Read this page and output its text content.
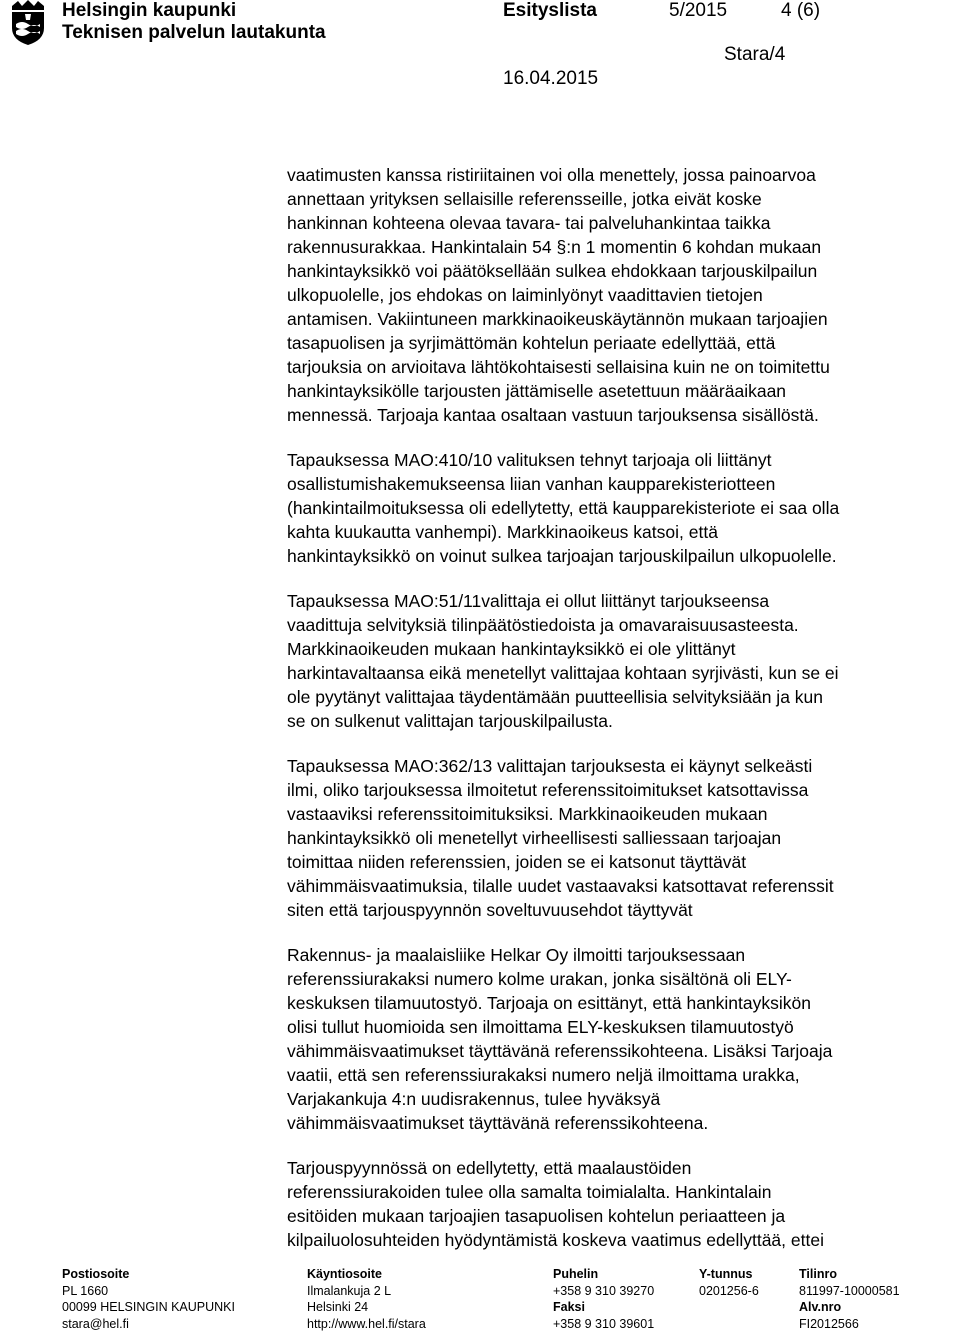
Helsingin kaupunki
Teknisen palvelun lautakunta
Esityslista	5/2015	4 (6)
Stara/4
16.04.2015
vaatimusten kanssa ristiriitainen voi olla menettely, jossa painoarvoa
annettaan yrityksen sellaisille referensseille, jotka eivät koske
hankinnan kohteena olevaa tavara- tai palveluhankintaa taikka
rakennusurakkaa. Hankintalain 54 §:n 1 momentin 6 kohdan mukaan
hankintayksikkö voi päätöksellään sulkea ehdokkaan tarjouskilpailun
ulkopuolelle, jos ehdokas on laiminlyönyt vaadittavien tietojen
antamisen. Vakiintuneen markkinaoikeuskäytännön mukaan tarjoajien
tasapuolisen ja syrjimättömän kohtelun periaate edellyttää, että
tarjouksia on arvioitava lähtökohtaisesti sellaisina kuin ne on toimitettu
hankintayksikölle tarjousten jättämiselle asetettuun määräaikaan
mennessä. Tarjoaja kantaa osaltaan vastuun tarjouksensa sisällöstä.
Tapauksessa MAO:410/10 valituksen tehnyt tarjoaja oli liittänyt
osallistumishakemukseensa liian vanhan kaupparekisteriotteen
(hankintailmoituksessa oli edellytetty, että kaupparekisteriote ei saa olla
kahta kuukautta vanhempi). Markkinaoikeus katsoi, että
hankintayksikkö on voinut sulkea tarjoajan tarjouskilpailun ulkopuolelle.
Tapauksessa MAO:51/11valittaja ei ollut liittänyt tarjoukseensa
vaadittuja selvityksiä tilinpäätöstiedoista ja omavaraisuusasteesta.
Markkinaoikeuden mukaan hankintayksikkö ei ole ylittänyt
harkintavaltaansa eikä menetellyt valittajaa kohtaan syrjivästi, kun se ei
ole pyytänyt valittajaa täydentämään puutteellisia selvityksiään ja kun
se on sulkenut valittajan tarjouskilpailusta.
Tapauksessa MAO:362/13 valittajan tarjouksesta ei käynyt selkeästi
ilmi, oliko tarjouksessa ilmoitetut referenssitoimitukset katsottavissa
vastaaviksi referenssitoimituksiksi. Markkinaoikeuden mukaan
hankintayksikkö oli menetellyt virheellisesti salliessaan tarjoajan
toimittaa niiden referenssien, joiden se ei katsonut täyttävät
vähimmäisvaatimuksia, tilalle uudet vastaavaksi katsottavat referenssit
siten että tarjouspyynnön soveltuvuusehdot täyttyvät
Rakennus- ja maalaisliike Helkar Oy ilmoitti tarjouksessaan
referenssiurakaksi numero kolme urakan, jonka sisältönä oli ELY-
keskuksen tilamuutostyö. Tarjoaja on esittänyt, että hankintayksikön
olisi tullut huomioida sen ilmoittama ELY-keskuksen tilamuutostyö
vähimmäisvaatimukset täyttävänä referenssikohteena. Lisäksi Tarjoaja
vaatii, että sen referenssiurakaksi numero neljä ilmoittama urakka,
Varjakankuja 4:n uudisrakennus, tulee hyväksyä
vähimmäisvaatimukset täyttävänä referenssikohteena.
Tarjouspyynnössä on edellytetty, että maalaustöiden
referenssiurakoiden tulee olla samalta toimialalta. Hankintalain
esitöiden mukaan tarjoajien tasapuolisen kohtelun periaatteen ja
kilpailuolosuhteiden hyödyntämistä koskeva vaatimus edellyttää, ettei
Postiosoite
PL 1660
00099 HELSINGIN KAUPUNKI
stara@hel.fi
Käyntiosoite
Ilmalankuja 2 L
Helsinki 24
http://www.hel.fi/stara
Puhelin
+358 9 310 39270
Faksi
+358 9 310 39601
Y-tunnus
0201256-6
Tilinro
811997-10000581
Alv.nro
FI2012566
